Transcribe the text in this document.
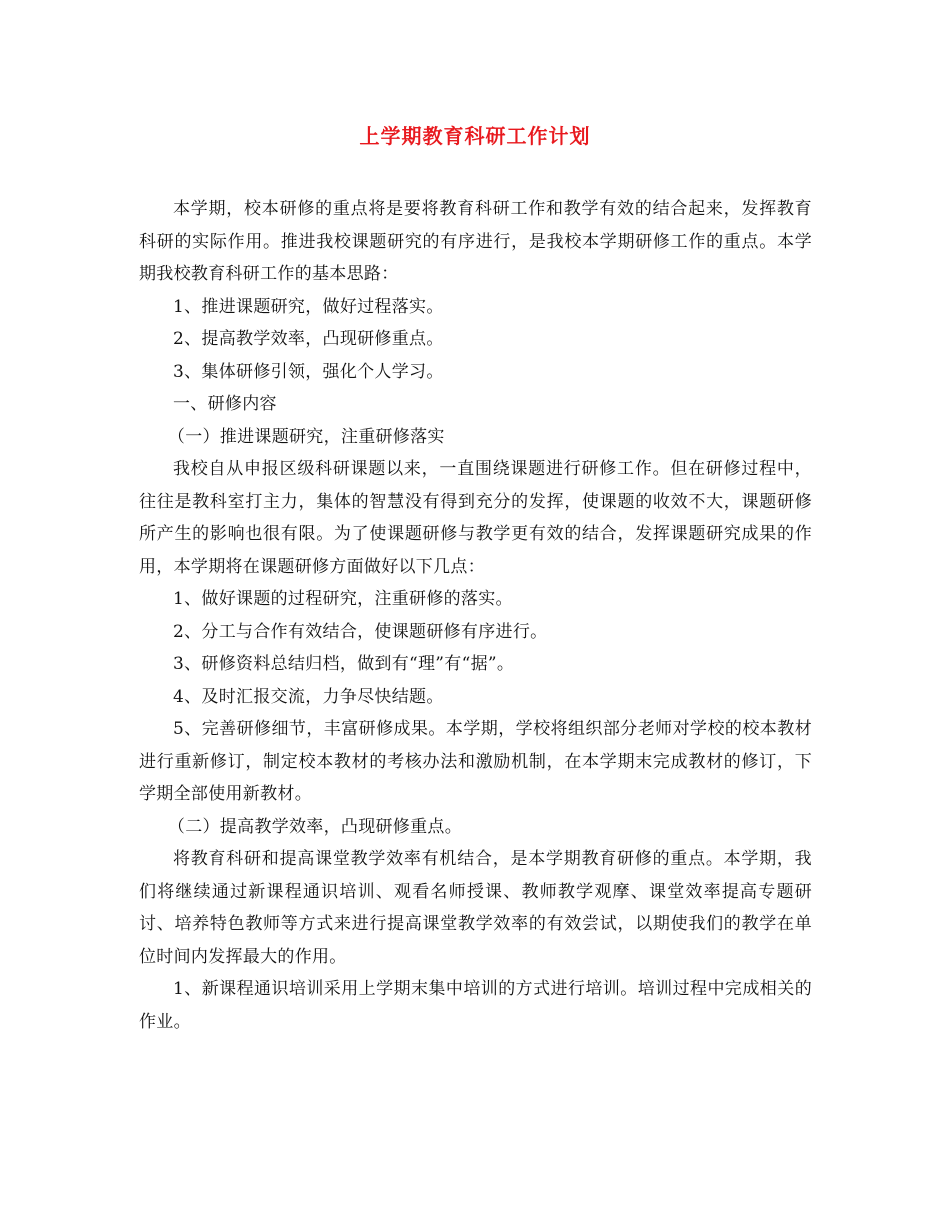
上学期教育科研工作计划

本学期，校本研修的重点将是要将教育科研工作和教学有效的结合起来，发挥教育科研的实际作用。推进我校课题研究的有序进行，是我校本学期研修工作的重点。本学期我校教育科研工作的基本思路：

1、推进课题研究，做好过程落实。

2、提高教学效率，凸现研修重点。

3、集体研修引领，强化个人学习。

一、研修内容

（一）推进课题研究，注重研修落实

我校自从申报区级科研课题以来，一直围绕课题进行研修工作。但在研修过程中，往往是教科室打主力，集体的智慧没有得到充分的发挥，使课题的收效不大，课题研修所产生的影响也很有限。为了使课题研修与教学更有效的结合，发挥课题研究成果的作用，本学期将在课题研修方面做好以下几点：

1、做好课题的过程研究，注重研修的落实。

2、分工与合作有效结合，使课题研修有序进行。

3、研修资料总结归档，做到有“理”有“据”。

4、及时汇报交流，力争尽快结题。

5、完善研修细节，丰富研修成果。本学期，学校将组织部分老师对学校的校本教材进行重新修订，制定校本教材的考核办法和激励机制，在本学期末完成教材的修订，下学期全部使用新教材。

（二）提高教学效率，凸现研修重点。

将教育科研和提高课堂教学效率有机结合，是本学期教育研修的重点。本学期，我们将继续通过新课程通识培训、观看名师授课、教师教学观摩、课堂效率提高专题研讨、培养特色教师等方式来进行提高课堂教学效率的有效尝试，以期使我们的教学在单位时间内发挥最大的作用。

1、新课程通识培训采用上学期末集中培训的方式进行培训。培训过程中完成相关的作业。
